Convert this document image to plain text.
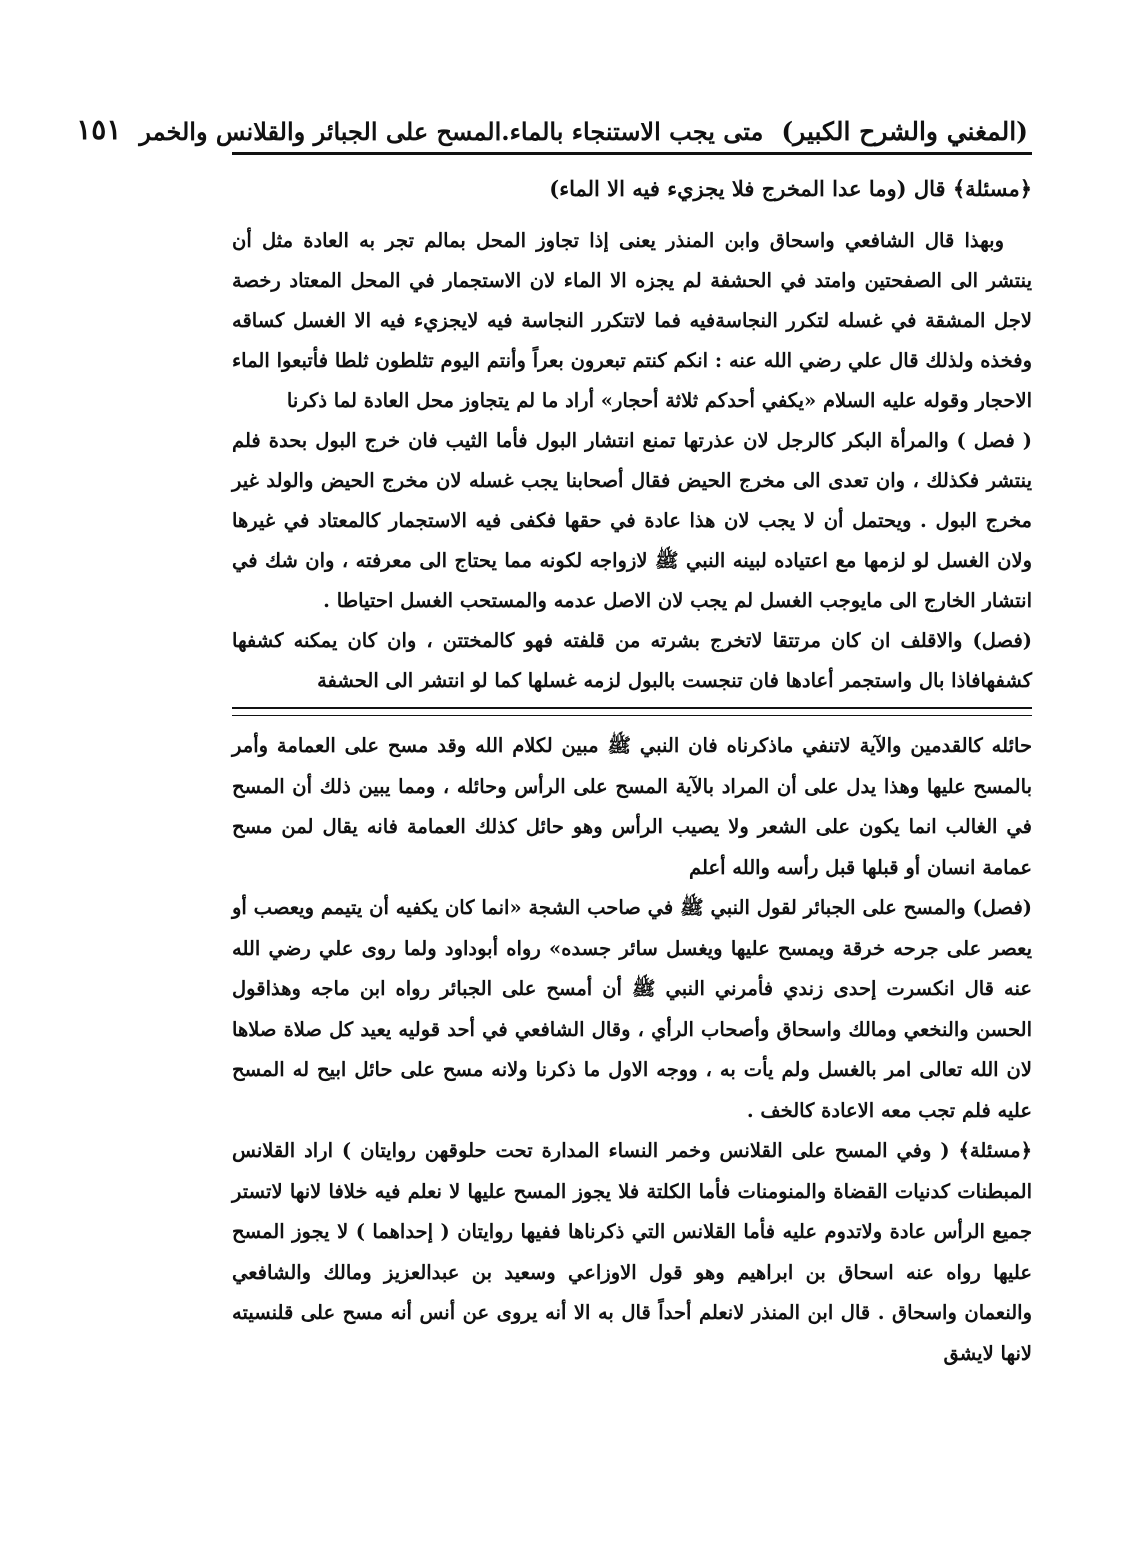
(المغني والشرح الكبير)
متى يجب الاستنجاء بالماء.المسح على الجبائر والقلانس والخمر
١٥١

﴿مسئلة﴾ قال (وما عدا المخرج فلا يجزيء فيه الا الماء)

وبهذا قال الشافعي واسحاق وابن المنذر يعنى إذا تجاوز المحل بمالم تجر به العادة مثل أن ينتشر الى الصفحتين وامتد في الحشفة لم يجزه الا الماء لان الاستجمار في المحل المعتاد رخصة لاجل المشقة في غسله لتكرر النجاسةفيه فما لاتتكرر النجاسة فيه لايجزيء فيه الا الغسل كساقه وفخذه ولذلك قال علي رضي الله عنه : انكم كنتم تبعرون بعراً وأنتم اليوم تثلطون ثلطا فأتبعوا الماء الاحجار وقوله عليه السلام «يكفي أحدكم ثلاثة أحجار» أراد ما لم يتجاوز محل العادة لما ذكرنا

( فصل ) والمرأة البكر كالرجل لان عذرتها تمنع انتشار البول فأما الثيب فان خرج البول بحدة فلم ينتشر فكذلك ، وان تعدى الى مخرج الحيض فقال أصحابنا يجب غسله لان مخرج الحيض والولد غير مخرج البول . ويحتمل أن لا يجب لان هذا عادة في حقها فكفى فيه الاستجمار كالمعتاد في غيرها ولان الغسل لو لزمها مع اعتياده لبينه النبي ﷺ لازواجه لكونه مما يحتاج الى معرفته ، وان شك في انتشار الخارج الى مايوجب الغسل لم يجب لان الاصل عدمه والمستحب الغسل احتياطا .

(فصل) والاقلف ان كان مرتتقا لاتخرج بشرته من قلفته فهو كالمختتن ، وان كان يمكنه كشفها كشفهافاذا بال واستجمر أعادها فان تنجست بالبول لزمه غسلها كما لو انتشر الى الحشفة

حائله كالقدمين والآية لاتنفي ماذكرناه فان النبي ﷺ مبين لكلام الله وقد مسح على العمامة وأمر بالمسح عليها وهذا يدل على أن المراد بالآية المسح على الرأس وحائله ، ومما يبين ذلك أن المسح في الغالب انما يكون على الشعر ولا يصيب الرأس وهو حائل كذلك العمامة فانه يقال لمن مسح عمامة انسان أو قبلها قبل رأسه والله أعلم

(فصل) والمسح على الجبائر لقول النبي ﷺ في صاحب الشجة «انما كان يكفيه أن يتيمم ويعصب أو يعصر على جرحه خرقة ويمسح عليها ويغسل سائر جسده» رواه أبوداود ولما روى علي رضي الله عنه قال انكسرت إحدى زندي فأمرني النبي ﷺ أن أمسح على الجبائر رواه ابن ماجه وهذاقول الحسن والنخعي ومالك واسحاق وأصحاب الرأي ، وقال الشافعي في أحد قوليه يعيد كل صلاة صلاها لان الله تعالى امر بالغسل ولم يأت به ، ووجه الاول ما ذكرنا ولانه مسح على حائل ابيح له المسح عليه فلم تجب معه الاعادة كالخف .

﴿مسئلة﴾ ( وفي المسح على القلانس وخمر النساء المدارة تحت حلوقهن روايتان ) اراد القلانس المبطنات كدنيات القضاة والمنومنات فأما الكلتة فلا يجوز المسح عليها لا نعلم فيه خلافا لانها لاتستر جميع الرأس عادة ولاتدوم عليه فأما القلانس التي ذكرناها ففيها روايتان ( إحداهما ) لا يجوز المسح عليها رواه عنه اسحاق بن ابراهيم وهو قول الاوزاعي وسعيد بن عبدالعزيز ومالك والشافعي والنعمان واسحاق . قال ابن المنذر لانعلم أحداً قال به الا أنه يروى عن أنس أنه مسح على قلنسيته لانها لايشق
